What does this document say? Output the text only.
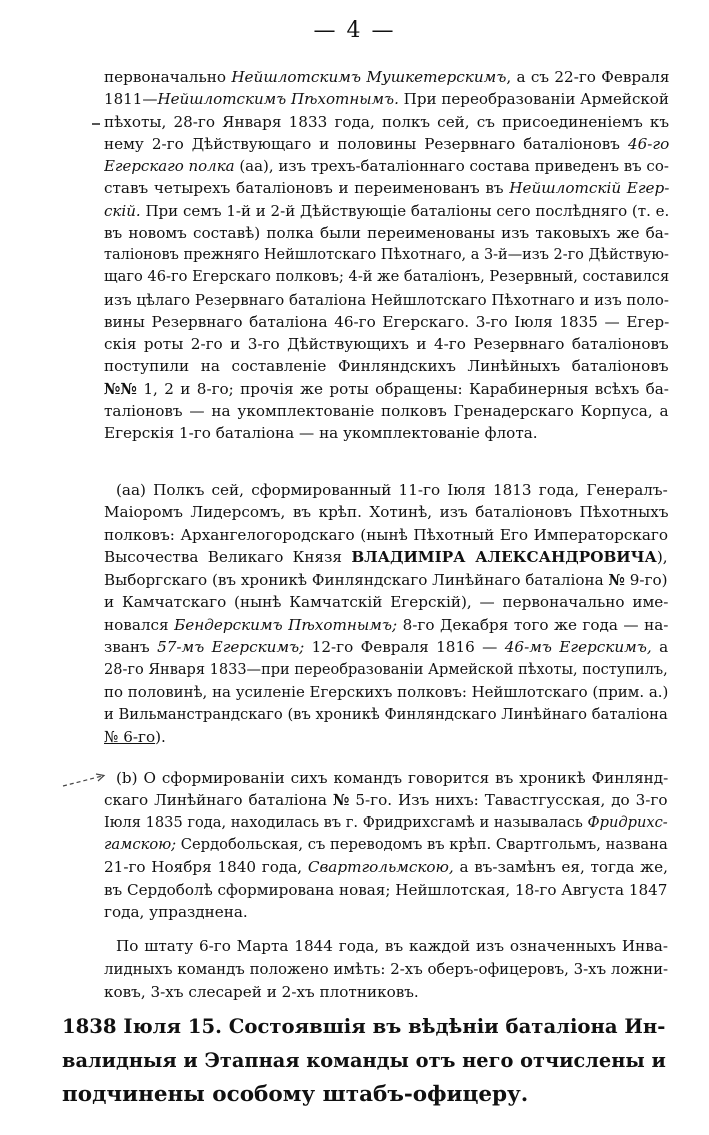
— 4 —
первоначально Нейшлотскимъ Мушкетерскимъ, а съ 22-го Февраля
1811—Нейшлотскимъ Пѣхотнымъ. При переобразованіи Армейской
пѣхоты, 28-го Января 1833 года, полкъ сей, съ присоединенiемъ къ
нему 2-го Дѣйствующаго и половины Резервнаго баталіоновъ 46-го
Егерскаго полка (аа), изъ трехъ-баталіоннаго состава приведенъ въ со-
ставъ четырехъ баталіоновъ и переименованъ въ Нейшлотскій Егер-
скій. При семъ 1-й и 2-й Дѣйствующіе баталіоны сего послѣдняго (т. е.
въ новомъ составѣ) полка были переименованы изъ таковыхъ же ба-
таліоновъ прежняго Нейшлотскаго Пѣхотнаго, а 3-й—изъ 2-го Дѣйствую-
щаго 46-го Егерскаго полковъ; 4-й же баталіонъ, Резервный, составился
изъ цѣлаго Резервнаго баталіона Нейшлотскаго Пѣхотнаго и изъ поло-
вины Резервнаго баталіона 46-го Егерскаго. 3-го Іюля 1835 — Егер-
скія роты 2-го и 3-го Дѣйствующихъ и 4-го Резервнаго баталіоновъ
поступили на составленіе Финляндскихъ Линѣйныхъ баталіоновъ
№№ 1, 2 и 8-го; прочія же роты обращены: Карабинерныя всѣхъ ба-
таліоновъ — на укомплектованіе полковъ Гренадерскаго Корпуса, а
Егерскія 1-го баталіона — на укомплектованіе флота.
(аа) Полкъ сей, сформированный 11-го Іюля 1813 года, Генералъ-
Маіоромъ Лидерсомъ, въ крѣп. Хотинѣ, изъ баталіоновъ Пѣхотныхъ
полковъ: Архангелогородскаго (нынѣ Пѣхотный Его Императорскаго
Высочества Великаго Князя ВЛАДИМІРА АЛЕКСАНДРОВИЧА),
Выборгскаго (въ хроникѣ Финляндскаго Линѣйнаго баталіона № 9-го)
и Камчатскаго (нынѣ Камчатскій Егерскій), — первоначально име-
новался Бендерскимъ Пѣхотнымъ; 8-го Декабря того же года — на-
званъ 57-мъ Егерскимъ; 12-го Февраля 1816 — 46-мъ Егерскимъ, а
28-го Января 1833—при переобразованіи Армейской пѣхоты, поступилъ,
по половинѣ, на усиленіе Егерскихъ полковъ: Нейшлотскаго (прим. а.)
и Вильманстрандскаго (въ хроникѣ Финляндскаго Линѣйнаго баталіона
№ 6-го).
(b) О сформированіи сихъ командъ говорится въ хроникѣ Финлянд-
скаго Линѣйнаго баталіона № 5-го. Изъ нихъ: Тавастгусская, до 3-го
Іюля 1835 года, находилась въ г. Фридрихсгамѣ и называлась Фридрихс-
гамскою; Сердобольская, съ переводомъ въ крѣп. Свартгольмъ, названа
21-го Ноября 1840 года, Свартгольмскою, а въ-замѣнъ ея, тогда же,
въ Сердоболѣ сформирована новая; Нейшлотская, 18-го Августа 1847
года, упразднена.
По штату 6-го Марта 1844 года, въ каждой изъ означенныхъ Инва-
лидныхъ командъ положено имѣть: 2-хъ оберъ-офицеровъ, 3-хъ ложни-
ковъ, 3-хъ слесарей и 2-хъ плотниковъ.
1838 Іюля 15. Состоявшія въ вѣдѣніи баталіона Ин-
валидныя и Этапная команды отъ него отчислены и
подчинены особому штабъ-офицеру.
